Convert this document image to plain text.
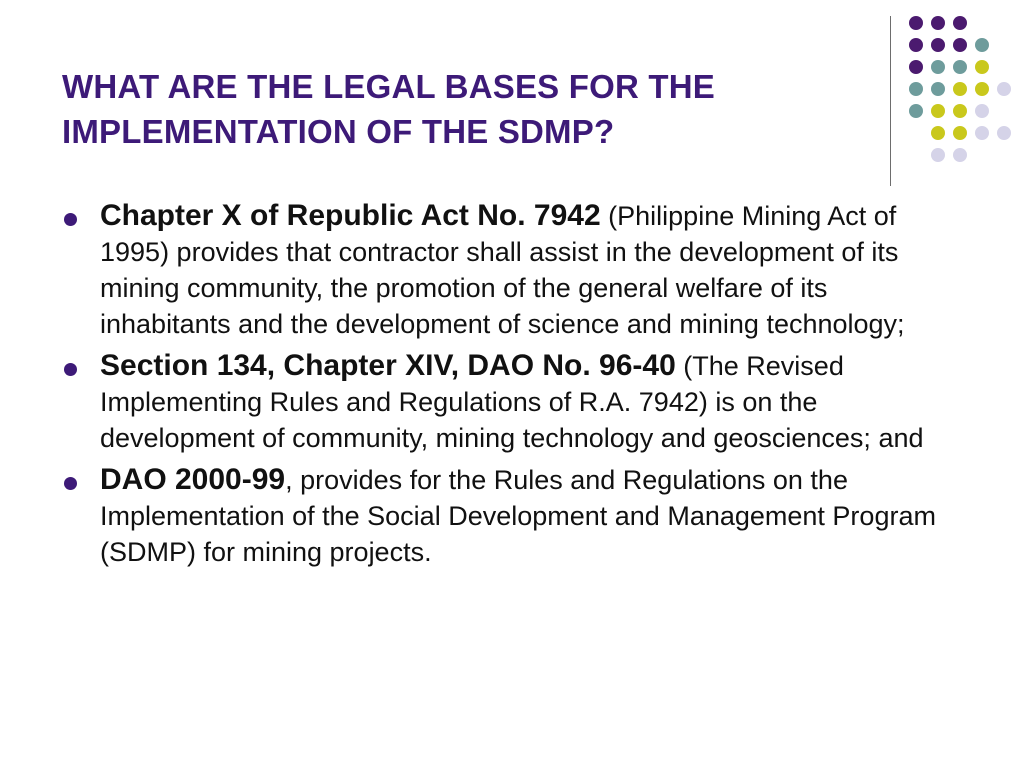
WHAT ARE THE LEGAL BASES FOR THE
IMPLEMENTATION OF THE SDMP?
Chapter X of Republic Act No. 7942 (Philippine Mining Act of 1995) provides that contractor shall assist in the development of its mining community, the promotion of the general welfare of its inhabitants and the development of science and mining technology;
Section 134, Chapter XIV, DAO No. 96-40 (The Revised Implementing Rules and Regulations of R.A. 7942) is on the development of community, mining technology and geosciences; and
DAO 2000-99, provides for the Rules and Regulations on the Implementation of the Social Development and Management Program (SDMP) for mining projects.
